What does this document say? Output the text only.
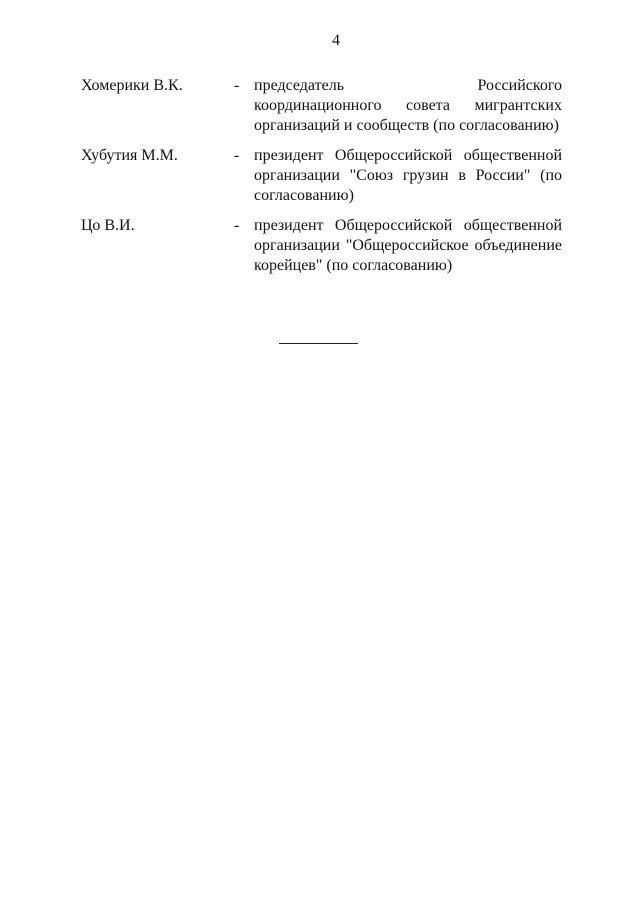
4
Хомерики В.К.	- председатель Российского координационного совета мигрантских организаций и сообществ (по согласованию)
Хубутия М.М.	- президент Общероссийской общественной организации "Союз грузин в России" (по согласованию)
Цо В.И.	- президент Общероссийской общественной организации "Общероссийское объединение корейцев" (по согласованию)
